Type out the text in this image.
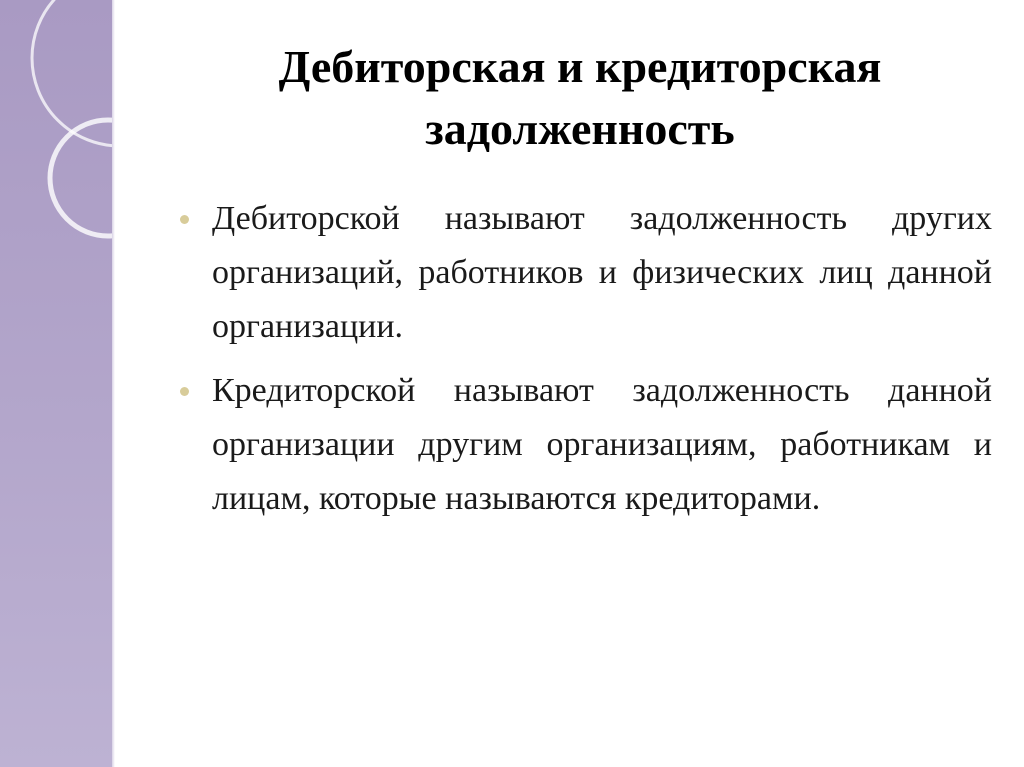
Дебиторская и кредиторская задолженность
Дебиторской называют задолженность других организаций, работников и физических лиц данной организации.
Кредиторской называют задолженность данной организации другим организациям, работникам и лицам, которые называются кредиторами.
